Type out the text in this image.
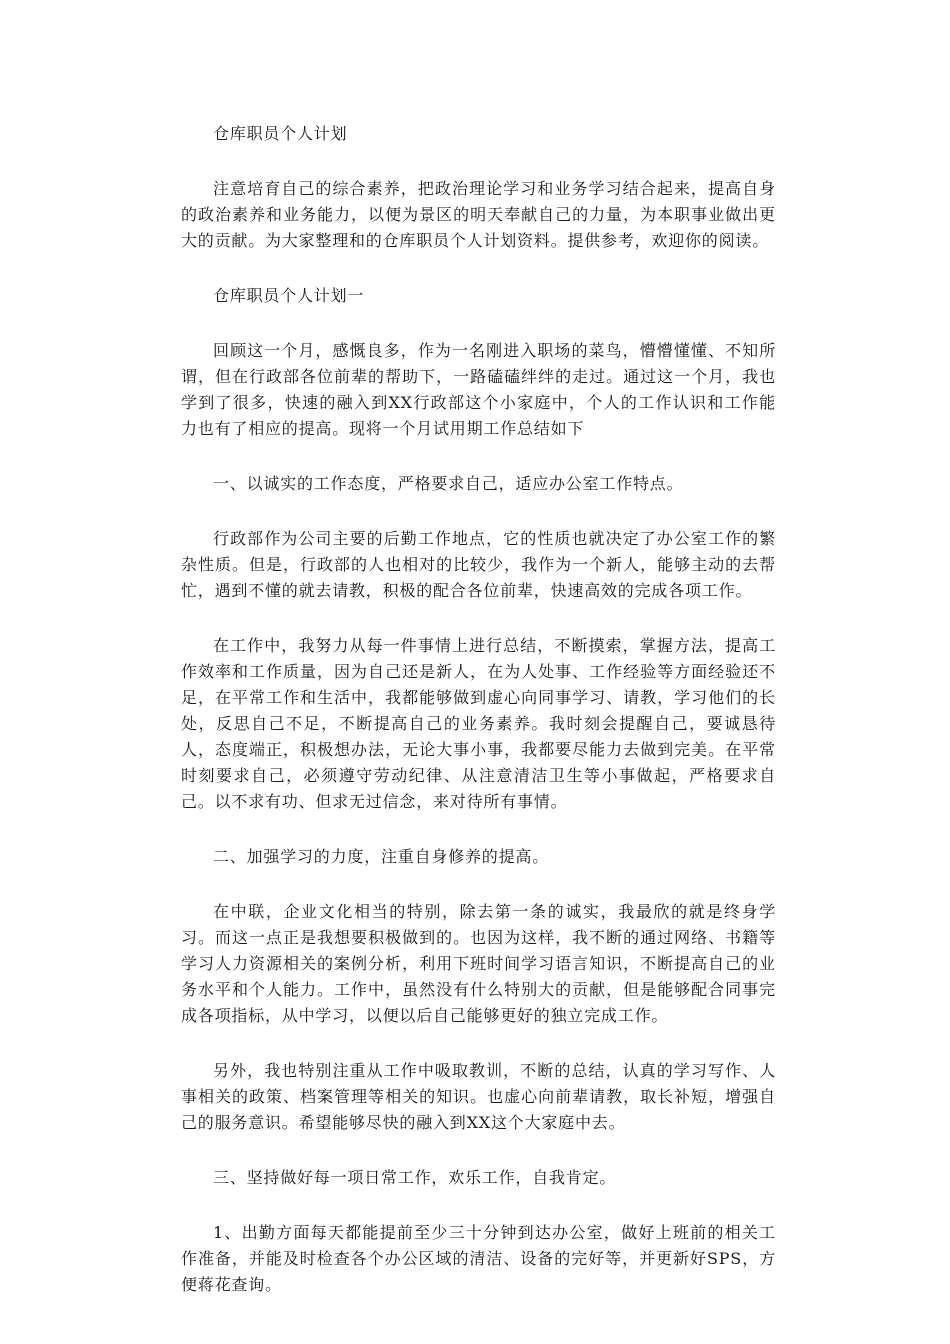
仓库职员个人计划

注意培育自己的综合素养，把政治理论学习和业务学习结合起来，提高自身的政治素养和业务能力，以便为景区的明天奉献自己的力量，为本职事业做出更大的贡献。为大家整理和的仓库职员个人计划资料。提供参考，欢迎你的阅读。

仓库职员个人计划一

回顾这一个月，感慨良多，作为一名刚进入职场的菜鸟，懵懵懂懂、不知所谓，但在行政部各位前辈的帮助下，一路磕磕绊绊的走过。通过这一个月，我也学到了很多，快速的融入到XX行政部这个小家庭中，个人的工作认识和工作能力也有了相应的提高。现将一个月试用期工作总结如下

一、以诚实的工作态度，严格要求自己，适应办公室工作特点。

行政部作为公司主要的后勤工作地点，它的性质也就决定了办公室工作的繁杂性质。但是，行政部的人也相对的比较少，我作为一个新人，能够主动的去帮忙，遇到不懂的就去请教，积极的配合各位前辈，快速高效的完成各项工作。

在工作中，我努力从每一件事情上进行总结，不断摸索，掌握方法，提高工作效率和工作质量，因为自己还是新人，在为人处事、工作经验等方面经验还不足，在平常工作和生活中，我都能够做到虚心向同事学习、请教，学习他们的长处，反思自己不足，不断提高自己的业务素养。我时刻会提醒自己，要诚恳待人，态度端正，积极想办法，无论大事小事，我都要尽能力去做到完美。在平常时刻要求自己，必须遵守劳动纪律、从注意清洁卫生等小事做起，严格要求自己。以不求有功、但求无过信念，来对待所有事情。

二、加强学习的力度，注重自身修养的提高。

在中联，企业文化相当的特别，除去第一条的诚实，我最欣的就是终身学习。而这一点正是我想要积极做到的。也因为这样，我不断的通过网络、书籍等学习人力资源相关的案例分析，利用下班时间学习语言知识，不断提高自己的业务水平和个人能力。工作中，虽然没有什么特别大的贡献，但是能够配合同事完成各项指标，从中学习，以便以后自己能够更好的独立完成工作。

另外，我也特别注重从工作中吸取教训，不断的总结，认真的学习写作、人事相关的政策、档案管理等相关的知识。也虚心向前辈请教，取长补短，增强自己的服务意识。希望能够尽快的融入到XX这个大家庭中去。

三、坚持做好每一项日常工作，欢乐工作，自我肯定。

1、出勤方面每天都能提前至少三十分钟到达办公室，做好上班前的相关工作准备，并能及时检查各个办公区域的清洁、设备的完好等，并更新好SPS，方便蒋花查询。
